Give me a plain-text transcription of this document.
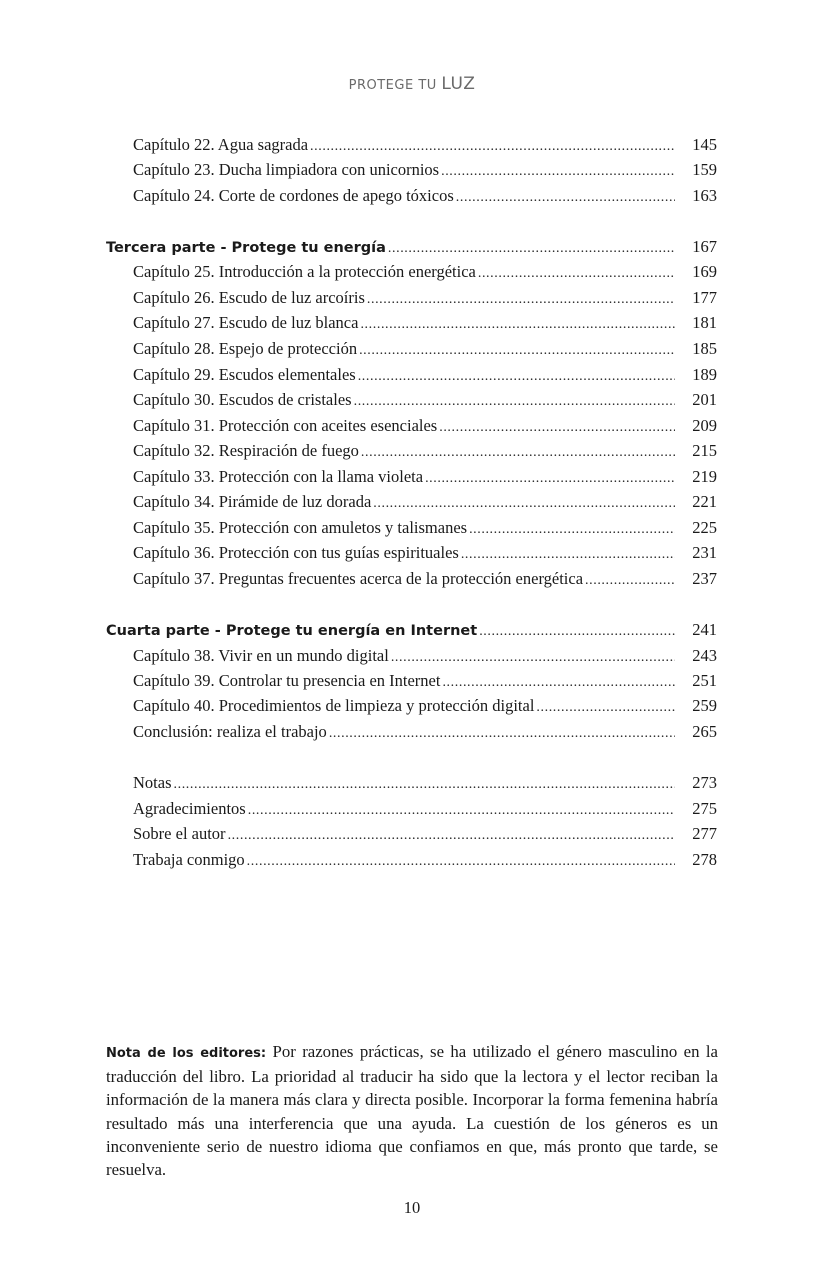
PROTEGE TU LUZ
Capítulo 22. Agua sagrada .....	145
Capítulo 23. Ducha limpiadora con unicornios .....	159
Capítulo 24. Corte de cordones de apego tóxicos .....	163
Tercera parte - Protege tu energía .....	167
Capítulo 25. Introducción a la protección energética .....	169
Capítulo 26. Escudo de luz arcoíris .....	177
Capítulo 27. Escudo de luz blanca .....	181
Capítulo 28. Espejo de protección .....	185
Capítulo 29. Escudos elementales .....	189
Capítulo 30. Escudos de cristales .....	201
Capítulo 31. Protección con aceites esenciales .....	209
Capítulo 32. Respiración de fuego .....	215
Capítulo 33. Protección con la llama violeta .....	219
Capítulo 34. Pirámide de luz dorada .....	221
Capítulo 35. Protección con amuletos y talismanes .....	225
Capítulo 36. Protección con tus guías espirituales .....	231
Capítulo 37. Preguntas frecuentes acerca de la protección energética .....	237
Cuarta parte - Protege tu energía en Internet .....	241
Capítulo 38. Vivir en un mundo digital .....	243
Capítulo 39. Controlar tu presencia en Internet .....	251
Capítulo 40. Procedimientos de limpieza y protección digital .....	259
Conclusión: realiza el trabajo .....	265
Notas .....	273
Agradecimientos .....	275
Sobre el autor .....	277
Trabaja conmigo .....	278
Nota de los editores: Por razones prácticas, se ha utilizado el género masculino en la traducción del libro. La prioridad al traducir ha sido que la lectora y el lector reciban la información de la manera más clara y directa posible. Incorporar la forma femenina habría resultado más una interferencia que una ayuda. La cuestión de los géneros es un inconveniente serio de nuestro idioma que confiamos en que, más pronto que tarde, se resuelva.
10
